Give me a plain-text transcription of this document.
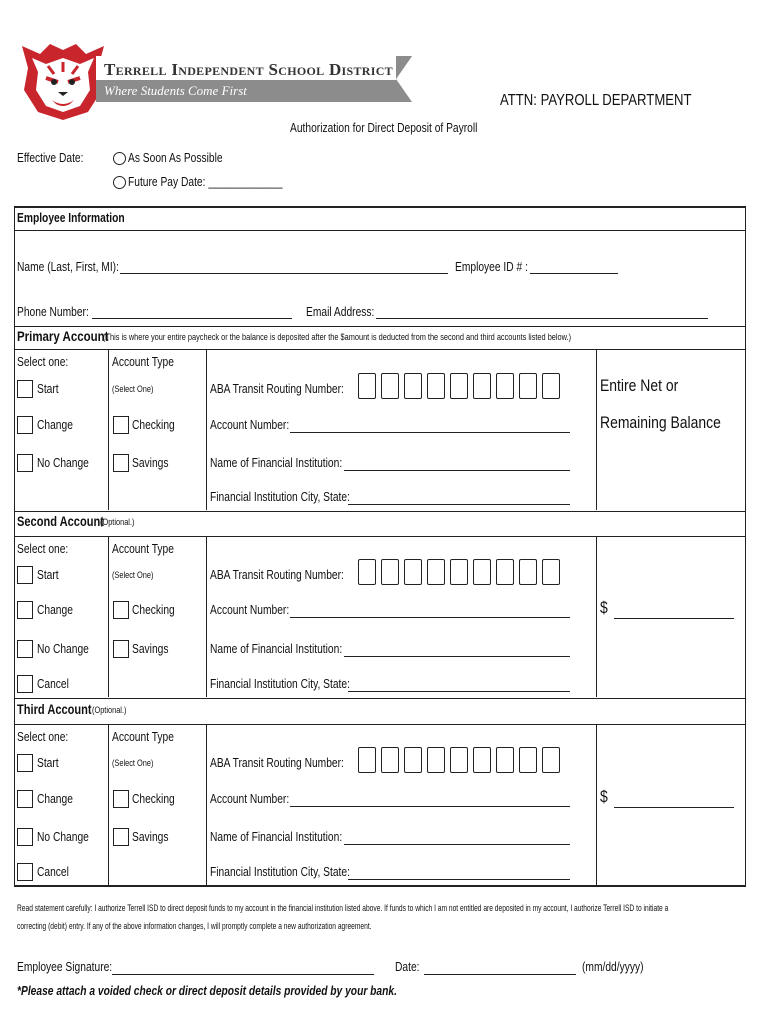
Terrell Independent School District
Where Students Come First
ATTN: PAYROLL DEPARTMENT
Authorization for Direct Deposit of Payroll
Effective Date:	As Soon As Possible
Future Pay Date: _____________
Employee Information
Name (Last, First, MI):	Employee ID # :
Phone Number:	Email Address:
Primary Account
(This is where your entire paycheck or the balance is deposited after the $amount is deducted from the second and third accounts listed below.)
Select one:	Account Type
Start	(Select One)	ABA Transit Routing Number:	Entire Net or
Remaining Balance
Change	Checking	Account Number:
No Change	Savings	Name of Financial Institution:
Financial Institution City, State:
Second Account
(Optional.)
Select one:	Account Type
Start	(Select One)	ABA Transit Routing Number:
Change	Checking	Account Number:	$
No Change	Savings	Name of Financial Institution:
Cancel	Financial Institution City, State:
Third Account (Optional.)
Select one:	Account Type
Start	(Select One)	ABA Transit Routing Number:
Change	Checking	Account Number:	$
No Change	Savings	Name of Financial Institution:
Cancel	Financial Institution City, State:
Read statement carefully: I authorize Terrell ISD to direct deposit funds to my account in the financial institution listed above. If funds to which I am not entitled are deposited in my account, I authorize Terrell ISD to initiate a
correcting (debit) entry. If any of the above information changes, I will promptly complete a new authorization agreement.
Employee Signature:	Date:	(mm/dd/yyyy)
*Please attach a voided check or direct deposit details provided by your bank.
